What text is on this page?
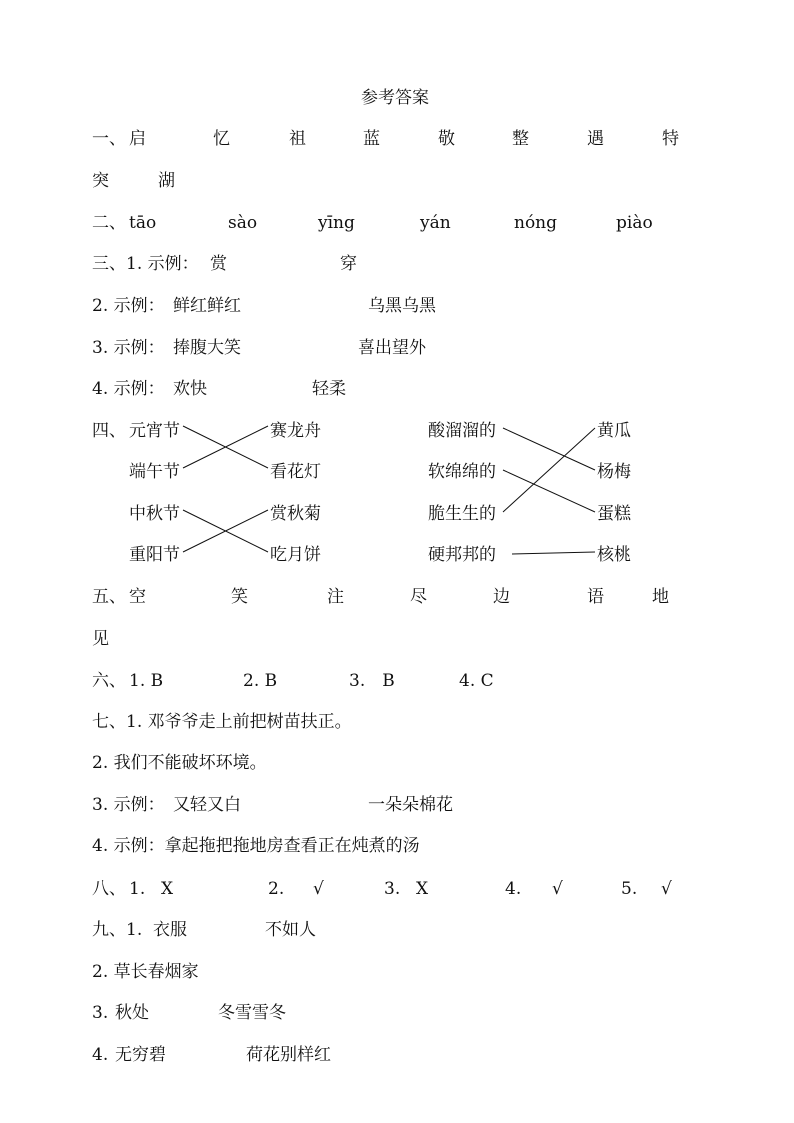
参考答案
一、 启	忆	祖	蓝	敬	整	遇	特
突	湖
二、 tāo	sào	yīng	yán	nóng	piào
三、1. 示例： 赏	穿
2. 示例： 鲜红鲜红	乌黑乌黑
3. 示例： 捧腹大笑	喜出望外
4. 示例： 欢快	轻柔
四、 元宵节
端午节
中秋节
重阳节
赛龙舟
看花灯
赏秋菊
吃月饼
酸溜溜的
软绵绵的
脆生生的
硬邦邦的
黄瓜
杨梅
蛋糕
核桃
五、 空	笑	注	尽	边	语	地
见
六、 1. B	2. B	3.　B	4. C
七、1. 邓爷爷走上前把树苗扶正。
2. 我们不能破坏环境。
3. 示例： 又轻又白	一朵朵棉花
4. 示例：拿起拖把拖地房查看正在炖煮的汤
八、 1. X	2. √	3. X	4. √	5. √
九、1. 衣服	不如人
2. 草长春烟家
3. 秋处	冬雪雪冬
4. 无穷碧	荷花别样红
